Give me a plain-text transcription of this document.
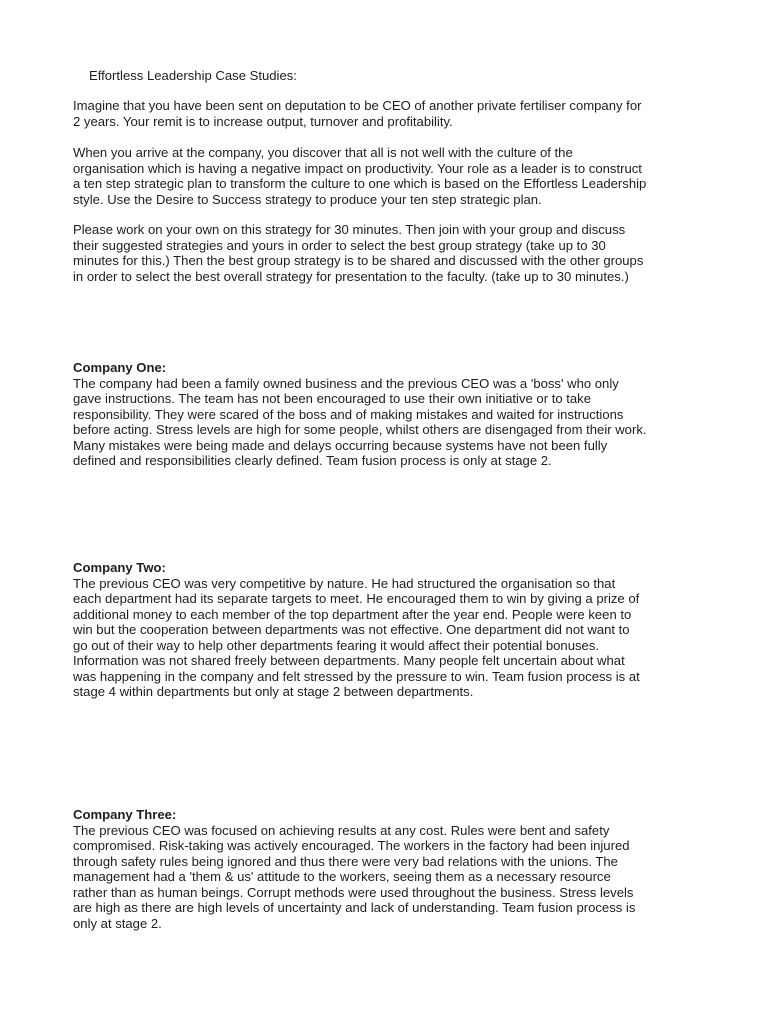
Effortless Leadership Case Studies:

Imagine that you have been sent on deputation to be CEO of another private fertiliser company for
2 years. Your remit is to increase output, turnover and profitability.

When you arrive at the company, you discover that all is not well with the culture of the
organisation which is having a negative impact on productivity. Your role as a leader is to construct
a ten step strategic plan to transform the culture to one which is based on the Effortless Leadership
style. Use the Desire to Success strategy to produce your ten step strategic plan.

Please work on your own on this strategy for 30 minutes. Then join with your group and discuss
their suggested strategies and yours in order to select the best group strategy (take up to 30
minutes for this.) Then the best group strategy is to be shared and discussed with the other groups
in order to select the best overall strategy for presentation to the faculty. (take up to 30 minutes.)

Company One:

The company had been a family owned business and the previous CEO was a 'boss' who only
gave instructions. The team has not been encouraged to use their own initiative or to take
responsibility. They were scared of the boss and of making mistakes and waited for instructions
before acting. Stress levels are high for some people, whilst others are disengaged from their work.
Many mistakes were being made and delays occurring because systems have not been fully
defined and responsibilities clearly defined. Team fusion process is only at stage 2.

Company Two:

The previous CEO was very competitive by nature. He had structured the organisation so that
each department had its separate targets to meet. He encouraged them to win by giving a prize of
additional money to each member of the top department after the year end. People were keen to
win but the cooperation between departments was not effective. One department did not want to
go out of their way to help other departments fearing it would affect their potential bonuses.
Information was not shared freely between departments. Many people felt uncertain about what
was happening in the company and felt stressed by the pressure to win. Team fusion process is at
stage 4 within departments but only at stage 2 between departments.

Company Three:

The previous CEO was focused on achieving results at any cost. Rules were bent and safety
compromised. Risk-taking was actively encouraged. The workers in the factory had been injured
through safety rules being ignored and thus there were very bad relations with the unions. The
management had a 'them & us' attitude to the workers, seeing them as a necessary resource
rather than as human beings. Corrupt methods were used throughout the business. Stress levels
are high as there are high levels of uncertainty and lack of understanding. Team fusion process is
only at stage 2.
